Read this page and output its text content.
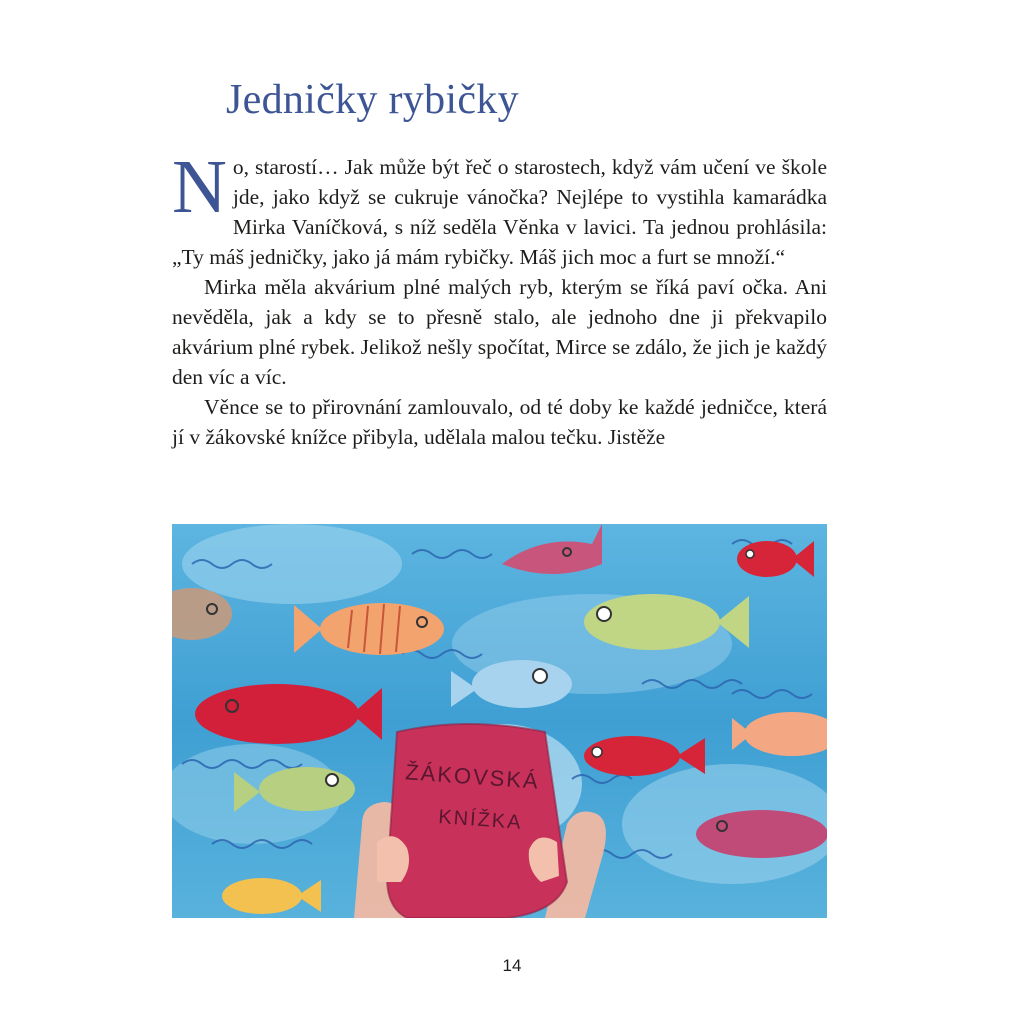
Jedničky rybičky

No, starostí… Jak může být řeč o starostech, když vám učení ve škole jde, jako když se cukruje vánočka? Nejlépe to vystihla kamarádka Mirka Vaníčková, s níž seděla Věnka v lavici. Ta jednou prohlásila: „Ty máš jedničky, jako já mám rybičky. Máš jich moc a furt se množí.“

Mirka měla akvárium plné malých ryb, kterým se říká paví očka. Ani nevěděla, jak a kdy se to přesně stalo, ale jednoho dne ji překvapilo akvárium plné rybek. Jelikož nešly spočítat, Mirce se zdálo, že jich je každý den víc a víc.

Věnce se to přirovnání zamlouvalo, od té doby ke každé jedničce, která jí v žákovské knížce přibyla, udělala malou tečku. Jistěže

ŽÁKOVSKÁ
KNÍŽKA
14
